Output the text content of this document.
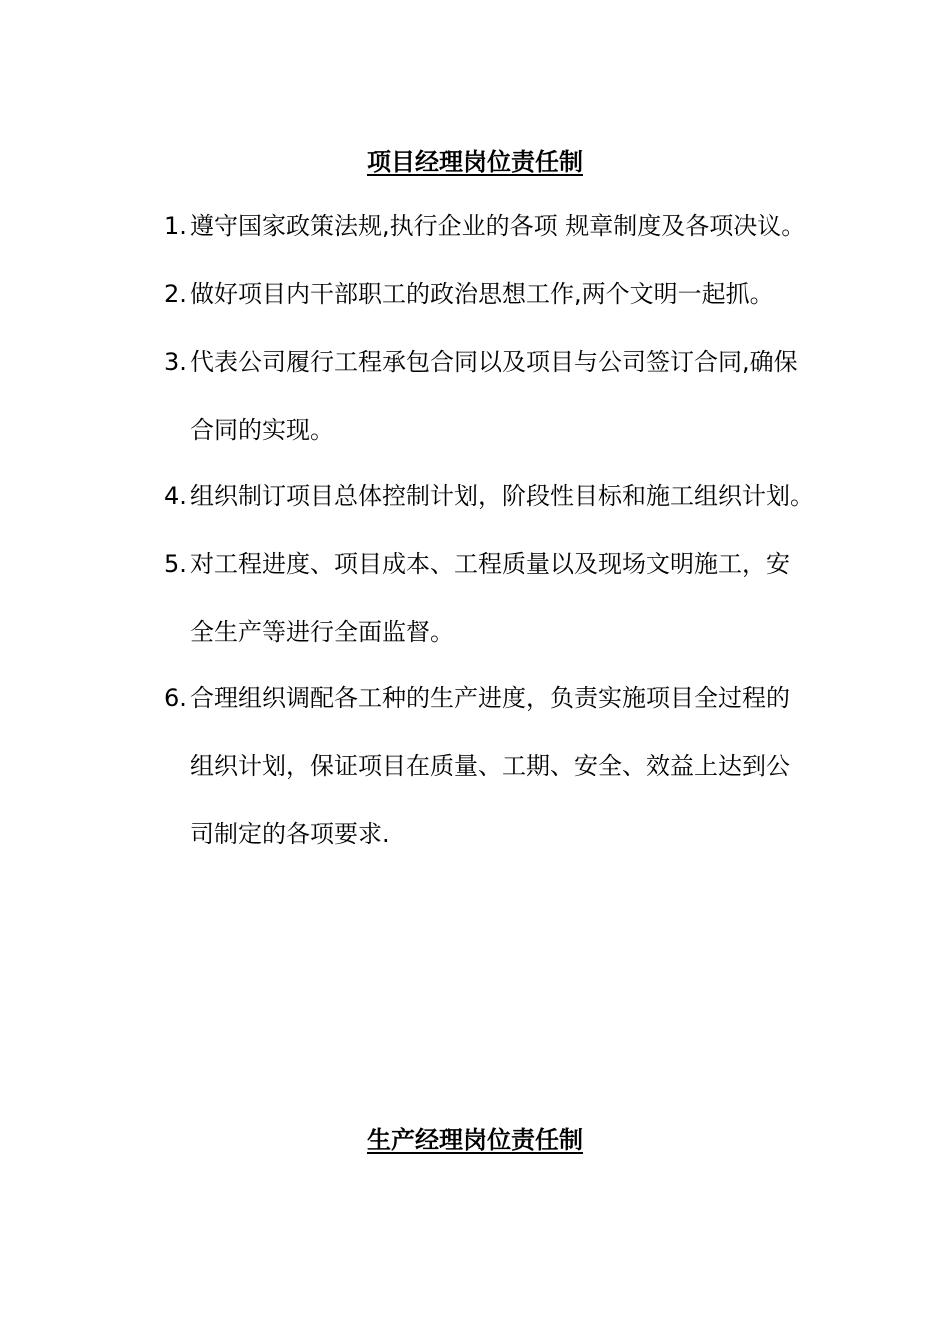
项目经理岗位责任制
1. 遵守国家政策法规,执行企业的各项 规章制度及各项决议。
2. 做好项目内干部职工的政治思想工作,两个文明一起抓。
3. 代表公司履行工程承包合同以及项目与公司签订合同,确保
合同的实现。
4. 组织制订项目总体控制计划，阶段性目标和施工组织计划。
5. 对工程进度、项目成本、工程质量以及现场文明施工，安
全生产等进行全面监督。
6. 合理组织调配各工种的生产进度，负责实施项目全过程的
组织计划，保证项目在质量、工期、安全、效益上达到公
司制定的各项要求.
生产经理岗位责任制
